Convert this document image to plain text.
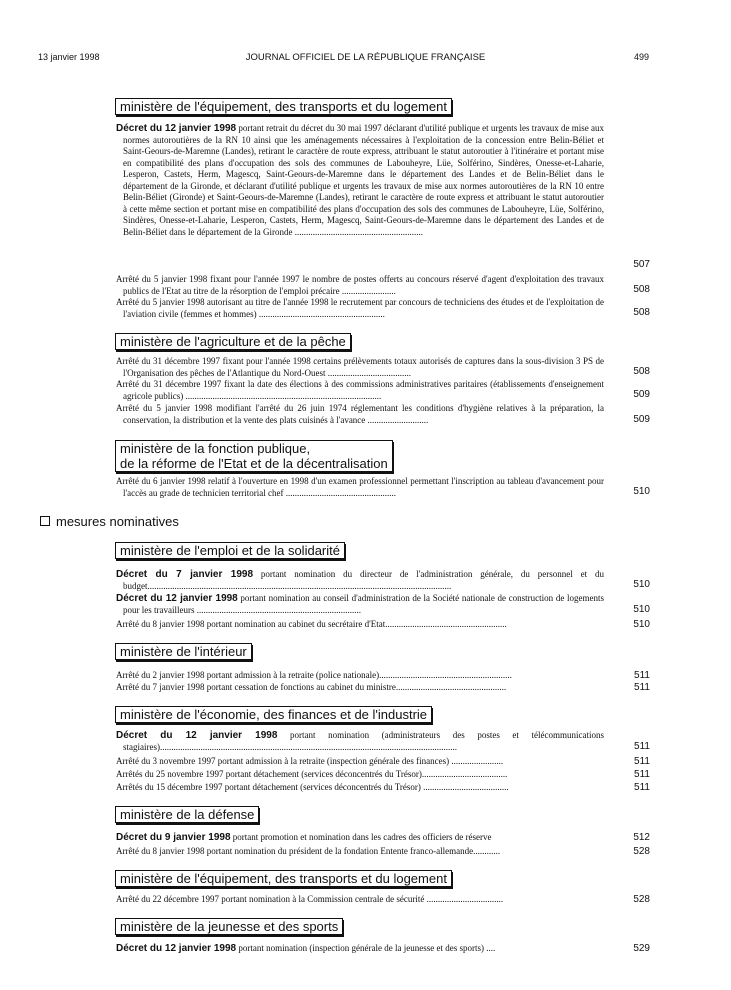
13 janvier 1998	JOURNAL OFFICIEL DE LA RÉPUBLIQUE FRANÇAISE	499
ministère de l'équipement, des transports et du logement
Décret du 12 janvier 1998 portant retrait du décret du 30 mai 1997 déclarant d'utilité publique et urgents les travaux de mise aux normes autoroutières de la RN 10 ainsi que les aménagements nécessaires à l'exploitation de la concession entre Belin-Béliet et Saint-Geours-de-Maremne (Landes), retirant le caractère de route express, attribuant le statut autoroutier à l'itinéraire et portant mise en compatibilité des plans d'occupation des sols des communes de Labouheyre, Lüe, Solférino, Sindères, Onesse-et-Laharie, Lesperon, Castets, Herm, Magescq, Saint-Geours-de-Maremne dans le département des Landes et de Belin-Béliet dans le département de la Gironde, et déclarant d'utilité publique et urgents les travaux de mise aux normes autoroutières de la RN 10 entre Belin-Béliet (Gironde) et Saint-Geours-de-Maremne (Landes), retirant le caractère de route express et attribuant le statut autoroutier à cette même section et portant mise en compatibilité des plans d'occupation des sols des communes de Labouheyre, Lüe, Solférino, Sindères, Onesse-et-Laharie, Lesperon, Castets, Herm, Magescq, Saint-Geours-de-Maremne dans le département des Landes et de Belin-Béliet dans le département de la Gironde .........................................................
507
Arrêté du 5 janvier 1998 fixant pour l'année 1997 le nombre de postes offerts au concours réservé d'agent d'exploitation des travaux publics de l'Etat au titre de la résorption de l'emploi précaire ........................	508
Arrêté du 5 janvier 1998 autorisant au titre de l'année 1998 le recrutement par concours de techniciens des études et de l'exploitation de l'aviation civile (femmes et hommes) ........................................................	508
ministère de l'agriculture et de la pêche
Arrêté du 31 décembre 1997 fixant pour l'année 1998 certains prélèvements totaux autorisés de captures dans la sous-division 3 PS de l'Organisation des pêches de l'Atlantique du Nord-Ouest .....................................	508
Arrêté du 31 décembre 1997 fixant la date des élections à des commissions administratives paritaires (établissements d'enseignement agricole publics) .......................................................................................	509
Arrêté du 5 janvier 1998 modifiant l'arrêté du 26 juin 1974 réglementant les conditions d'hygiène relatives à la préparation, la conservation, la distribution et la vente des plats cuisinés à l'avance ...........................	509
ministère de la fonction publique,
de la réforme de l'Etat et de la décentralisation
Arrêté du 6 janvier 1998 relatif à l'ouverture en 1998 d'un examen professionnel permettant l'inscription au tableau d'avancement pour l'accès au grade de technicien territorial chef .................................................	510
mesures nominatives
ministère de l'emploi et de la solidarité
Décret du 7 janvier 1998 portant nomination du directeur de l'administration générale, du personnel et du budget.......................................................................................................................................	510
Décret du 12 janvier 1998 portant nomination au conseil d'administration de la Société nationale de construction de logements pour les travailleurs .........................................................................	510
Arrêté du 8 janvier 1998 portant nomination au cabinet du secrétaire d'Etat......................................................	510
ministère de l'intérieur
Arrêté du 2 janvier 1998 portant admission à la retraite (police nationale)...........................................................	511
Arrêté du 7 janvier 1998 portant cessation de fonctions au cabinet du ministre.................................................	511
ministère de l'économie, des finances et de l'industrie
Décret du 12 janvier 1998 portant nomination (administrateurs des postes et télécommunications stagiaires)....................................................................................................................................	511
Arrêté du 3 novembre 1997 portant admission à la retraite (inspection générale des finances) .......................	511
Arrêtés du 25 novembre 1997 portant détachement (services déconcentrés du Trésor)......................................	511
Arrêtés du 15 décembre 1997 portant détachement (services déconcentrés du Trésor) ......................................	511
ministère de la défense
Décret du 9 janvier 1998 portant promotion et nomination dans les cadres des officiers de réserve	512
Arrêté du 8 janvier 1998 portant nomination du président de la fondation Entente franco-allemande............	528
ministère de l'équipement, des transports et du logement
Arrêté du 22 décembre 1997 portant nomination à la Commission centrale de sécurité ..................................	528
ministère de la jeunesse et des sports
Décret du 12 janvier 1998 portant nomination (inspection générale de la jeunesse et des sports) ....	529
